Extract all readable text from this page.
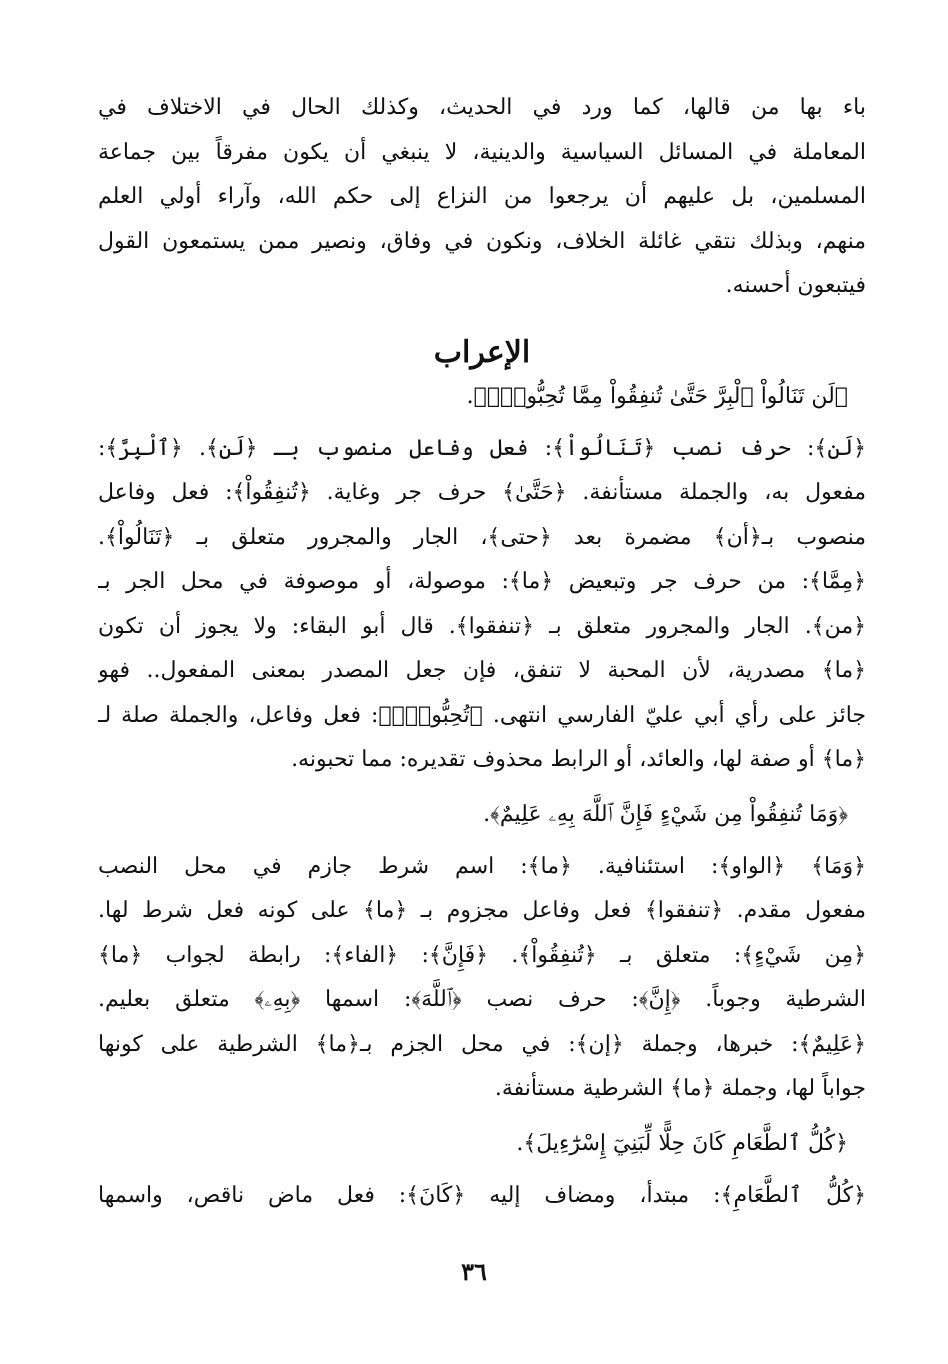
باء بها من قالها، كما ورد في الحديث، وكذلك الحال في الاختلاف في
المعاملة في المسائل السياسية والدينية، لا ينبغي أن يكون مفرقاً بين جماعة
المسلمين، بل عليهم أن يرجعوا من النزاع إلى حكم الله، وآراء أولي العلم
منهم، وبذلك نتقي غائلة الخلاف، ونكون في وفاق، ونصير ممن يستمعون القول
فيتبعون أحسنه.
الإعراب
﴿لَن تَنَالُواْ ٱلْبِرَّ حَتَّىٰ تُنفِقُواْ مِمَّا تُحِبُّونَۚ﴾.
﴿لَن﴾: حرف نصب ﴿تَنَالُواْ﴾: فعل وفاعل منصوب بـ ﴿لَن﴾. ﴿ٱلْبِرَّ﴾:
مفعول به، والجملة مستأنفة. ﴿حَتَّىٰ﴾ حرف جر وغاية. ﴿تُنفِقُواْ﴾: فعل وفاعل
منصوب بـ﴿أن﴾ مضمرة بعد ﴿حتى﴾، الجار والمجرور متعلق بـ ﴿تَنَالُواْ﴾.
﴿مِمَّا﴾: من حرف جر وتبعيض ﴿ما﴾: موصولة، أو موصوفة في محل الجر بـ
﴿من﴾. الجار والمجرور متعلق بـ ﴿تنفقوا﴾. قال أبو البقاء: ولا يجوز أن تكون
﴿ما﴾ مصدرية، لأن المحبة لا تنفق، فإن جعل المصدر بمعنى المفعول.. فهو
جائز على رأي أبي عليّ الفارسي انتهى. ﴿تُحِبُّونَۚ﴾: فعل وفاعل، والجملة صلة لـ
﴿ما﴾ أو صفة لها، والعائد، أو الرابط محذوف تقديره: مما تحبونه.
﴿وَمَا تُنفِقُواْ مِن شَيْءٍ فَإِنَّ ٱللَّهَ بِهِۦ عَلِيمٌ﴾.
﴿وَمَا﴾ ﴿الواو﴾: استئنافية. ﴿ما﴾: اسم شرط جازم في محل النصب
مفعول مقدم. ﴿تنفقوا﴾ فعل وفاعل مجزوم بـ ﴿ما﴾ على كونه فعل شرط لها.
﴿مِن شَيْءٍ﴾: متعلق بـ ﴿تُنفِقُواْ﴾. ﴿فَإِنَّ﴾: ﴿الفاء﴾: رابطة لجواب ﴿ما﴾
الشرطية وجوباً. ﴿إِنَّ﴾: حرف نصب ﴿ٱللَّهَ﴾: اسمها ﴿بِهِۦ﴾ متعلق بعليم.
﴿عَلِيمٌ﴾: خبرها، وجملة ﴿إن﴾: في محل الجزم بـ﴿ما﴾ الشرطية على كونها
جواباً لها، وجملة ﴿ما﴾ الشرطية مستأنفة.
﴿كُلُّ ٱلطَّعَامِ كَانَ حِلًّا لِّبَنِيٓ إِسْرَٰٓءِيلَ﴾.
﴿كُلُّ ٱلطَّعَامِ﴾: مبتدأ، ومضاف إليه ﴿كَانَ﴾: فعل ماض ناقص، واسمها
٣٦
